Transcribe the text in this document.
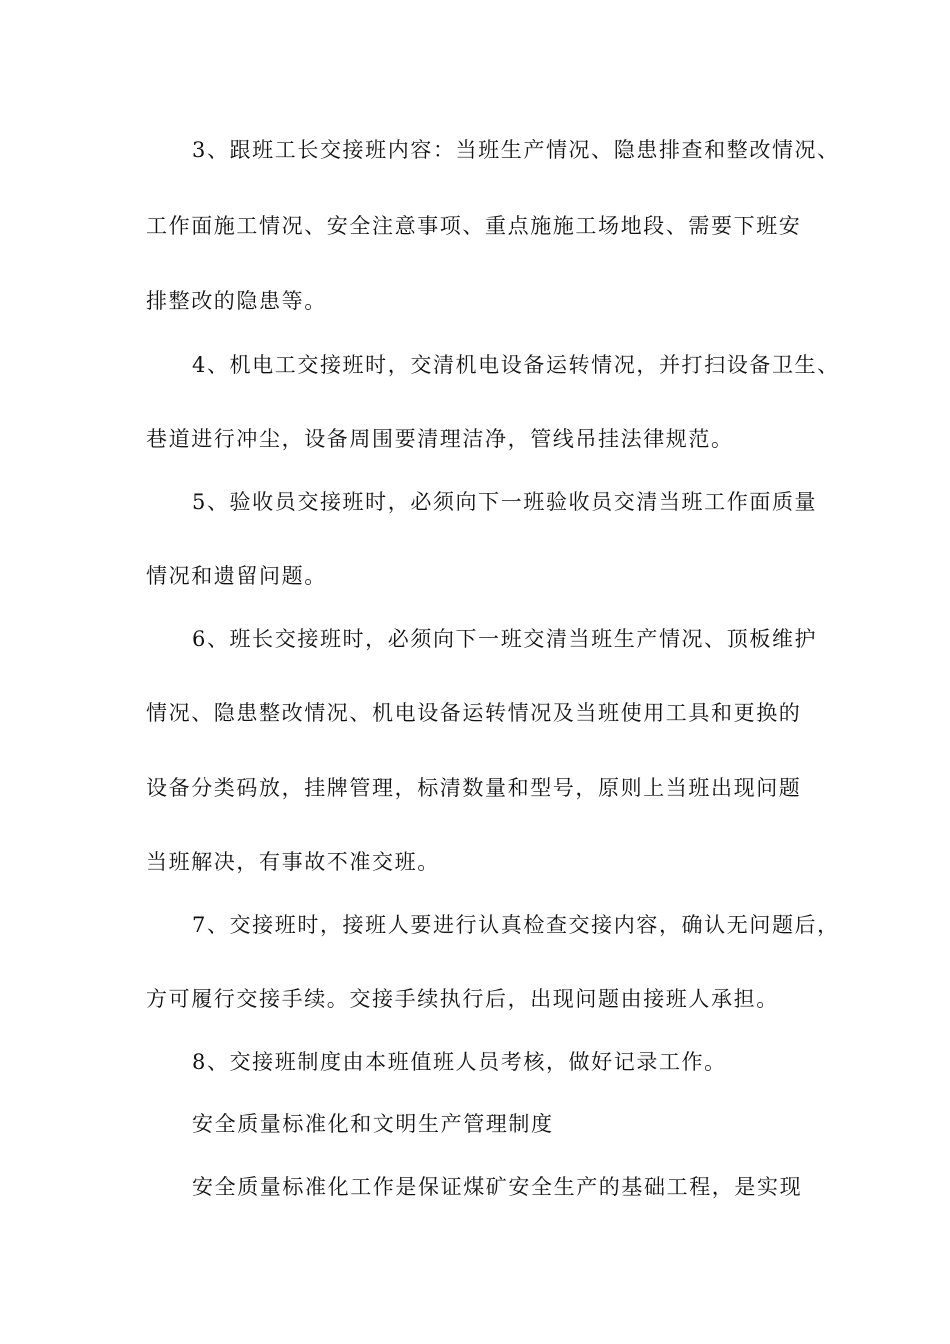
3、跟班工长交接班内容：当班生产情况、隐患排查和整改情况、
工作面施工情况、安全注意事项、重点施施工场地段、需要下班安
排整改的隐患等。
4、机电工交接班时，交清机电设备运转情况，并打扫设备卫生、
巷道进行冲尘，设备周围要清理洁净，管线吊挂法律规范。
5、验收员交接班时，必须向下一班验收员交清当班工作面质量
情况和遗留问题。
6、班长交接班时，必须向下一班交清当班生产情况、顶板维护
情况、隐患整改情况、机电设备运转情况及当班使用工具和更换的
设备分类码放，挂牌管理，标清数量和型号，原则上当班出现问题
当班解决，有事故不准交班。
7、交接班时，接班人要进行认真检查交接内容，确认无问题后，
方可履行交接手续。交接手续执行后，出现问题由接班人承担。
8、交接班制度由本班值班人员考核，做好记录工作。
安全质量标准化和文明生产管理制度
安全质量标准化工作是保证煤矿安全生产的基础工程，是实现
